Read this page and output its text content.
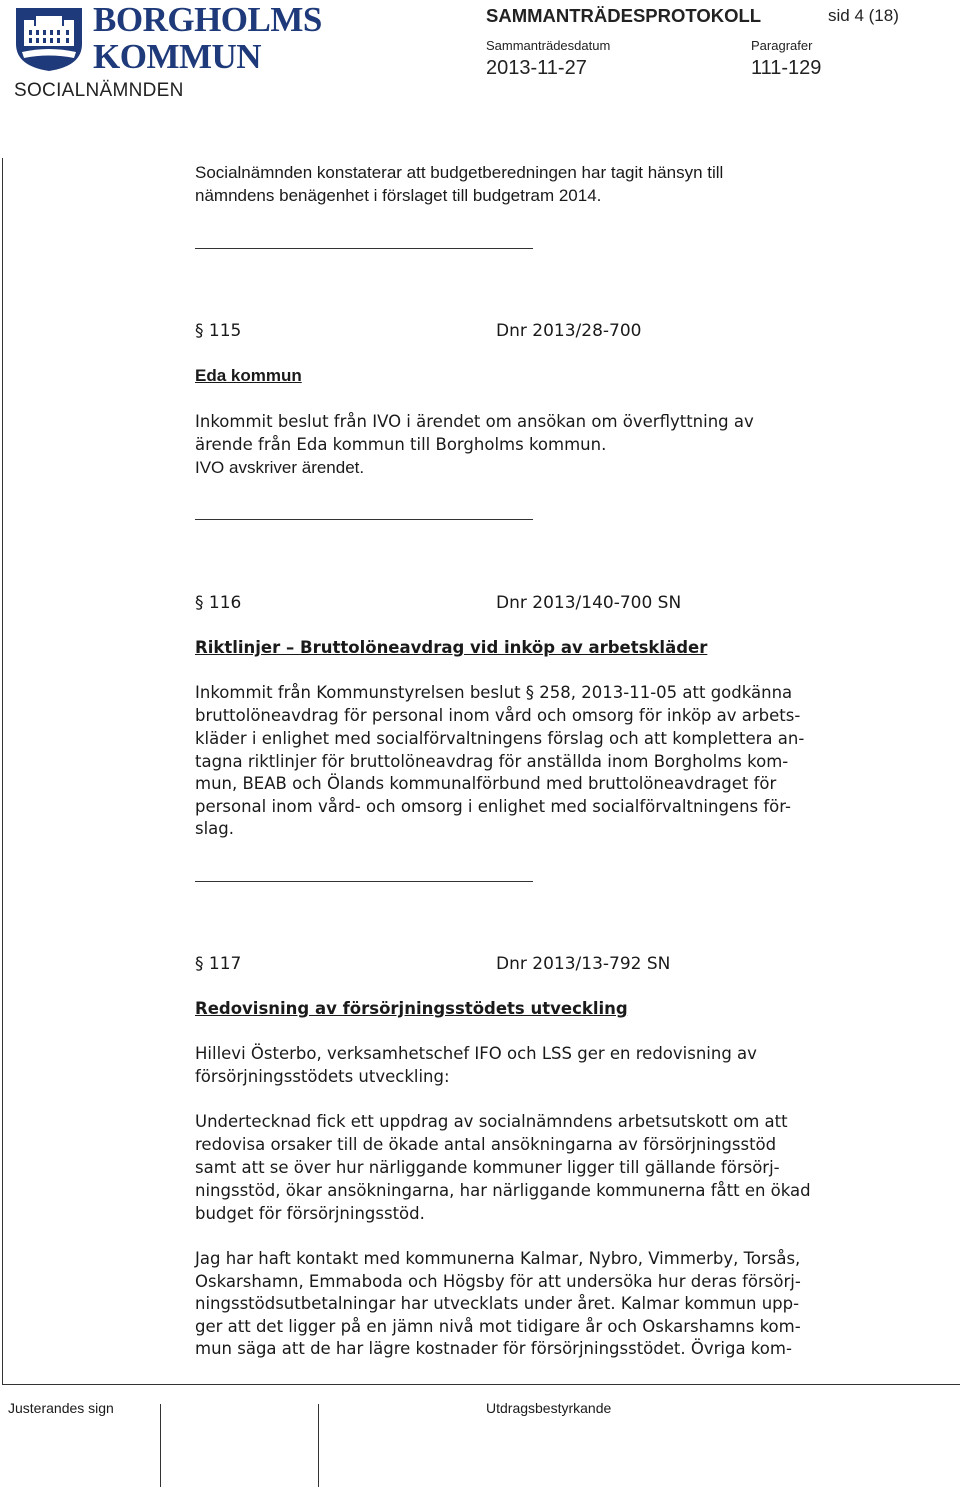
BORGHOLMS
KOMMUN
SOCIALNÄMNDEN
SAMMANTRÄDESPROTOKOLL	sid 4 (18)
Sammanträdesdatum	Paragrafer
2013-11-27	111-129
Socialnämnden konstaterar att budgetberedningen har tagit hänsyn till
nämndens benägenhet i förslaget till budgetram 2014.
§ 115	Dnr 2013/28-700
Eda kommun
Inkommit beslut från IVO i ärendet om ansökan om överflyttning av
ärende från Eda kommun till Borgholms kommun.
IVO avskriver ärendet.
§ 116	Dnr 2013/140-700 SN
Riktlinjer – Bruttolöneavdrag vid inköp av arbetskläder
Inkommit från Kommunstyrelsen beslut § 258, 2013-11-05 att godkänna
bruttolöneavdrag för personal inom vård och omsorg för inköp av arbets-
kläder i enlighet med socialförvaltningens förslag och att komplettera an-
tagna riktlinjer för bruttolöneavdrag för anställda inom Borgholms kom-
mun, BEAB och Ölands kommunalförbund med bruttolöneavdraget för
personal inom vård- och omsorg i enlighet med socialförvaltningens för-
slag.
§ 117	Dnr 2013/13-792 SN
Redovisning av försörjningsstödets utveckling
Hillevi Österbo, verksamhetschef IFO och LSS ger en redovisning av
försörjningsstödets utveckling:
Undertecknad fick ett uppdrag av socialnämndens arbetsutskott om att
redovisa orsaker till de ökade antal ansökningarna av försörjningsstöd
samt att se över hur närliggande kommuner ligger till gällande försörj-
ningsstöd, ökar ansökningarna, har närliggande kommunerna fått en ökad
budget för försörjningsstöd.
Jag har haft kontakt med kommunerna Kalmar, Nybro, Vimmerby, Torsås,
Oskarshamn, Emmaboda och Högsby för att undersöka hur deras försörj-
ningsstödsutbetalningar har utvecklats under året. Kalmar kommun upp-
ger att det ligger på en jämn nivå mot tidigare år och Oskarshamns kom-
mun säga att de har lägre kostnader för försörjningsstödet. Övriga kom-
Justerandes sign	Utdragsbestyrkande
